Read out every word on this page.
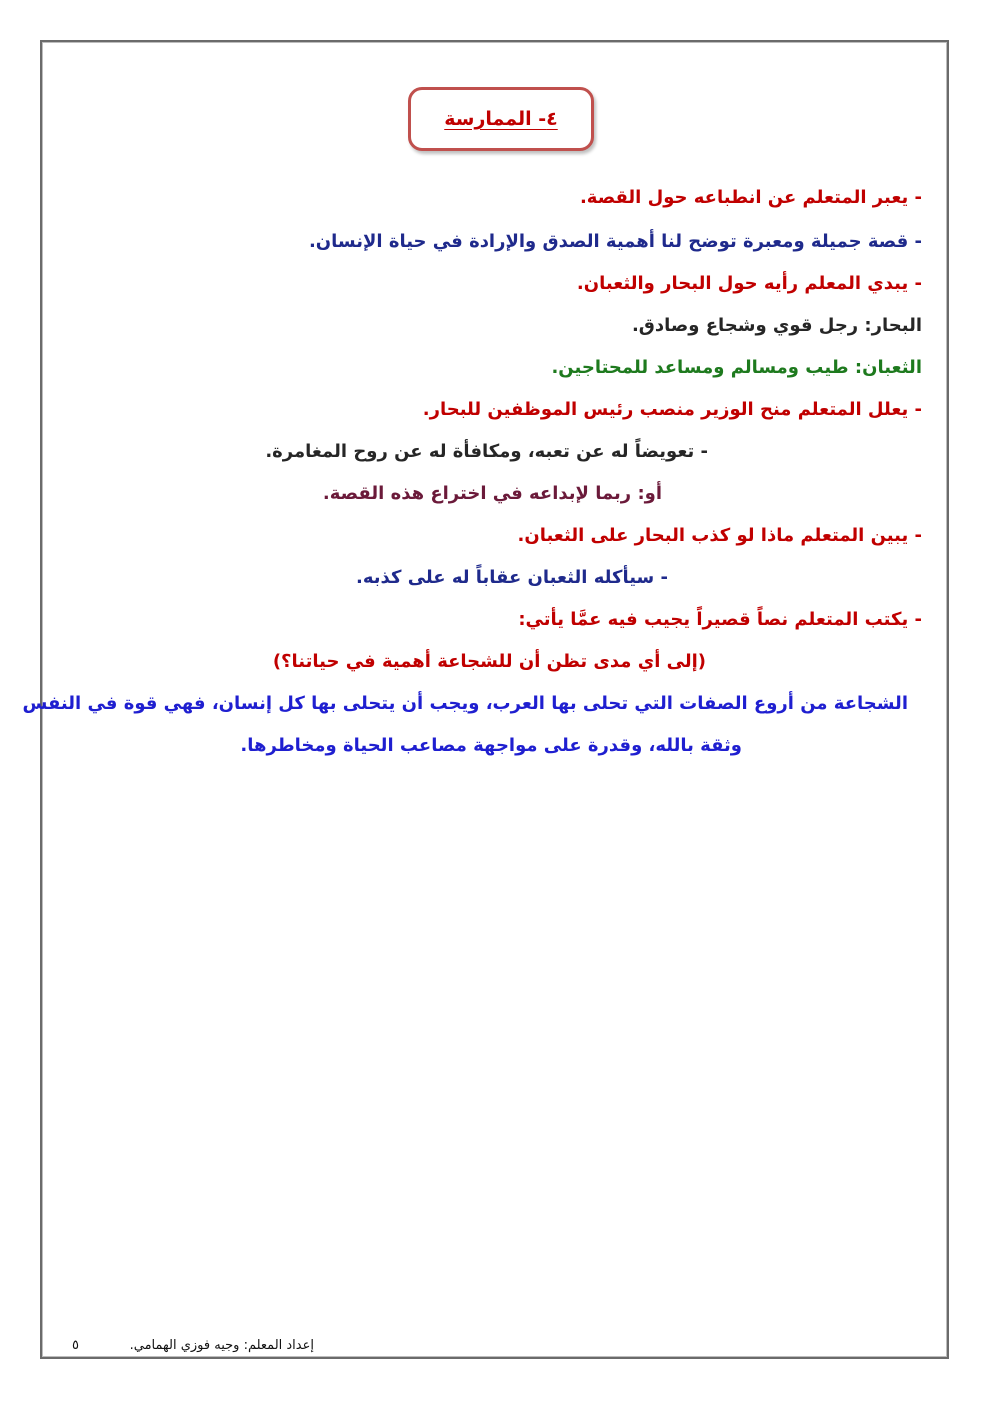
٤- الممارسة
- يعبر المتعلم عن انطباعه حول القصة.
- قصة جميلة ومعبرة توضح لنا أهمية الصدق والإرادة في حياة الإنسان.
- يبدي المعلم رأيه حول البحار والثعبان.
البحار: رجل قوي وشجاع وصادق.
الثعبان: طيب ومسالم ومساعد للمحتاجين.
- يعلل المتعلم منح الوزير منصب رئيس الموظفين للبحار.
- تعويضاً له عن تعبه، ومكافأة له عن روح المغامرة.
أو: ربما لإبداعه في اختراع هذه القصة.
- يبين المتعلم ماذا لو كذب البحار على الثعبان.
- سيأكله الثعبان عقاباً له على كذبه.
- يكتب المتعلم نصاً قصيراً يجيب فيه عمَّا يأتي:
(إلى أي مدى تظن أن للشجاعة أهمية في حياتنا؟)
الشجاعة من أروع الصفات التي تحلى بها العرب، ويجب أن يتحلى بها كل إنسان، فهي قوة في النفس
وثقة بالله، وقدرة على مواجهة مصاعب الحياة ومخاطرها.
إعداد المعلم: وجيه فوزي الهمامي.
٥
